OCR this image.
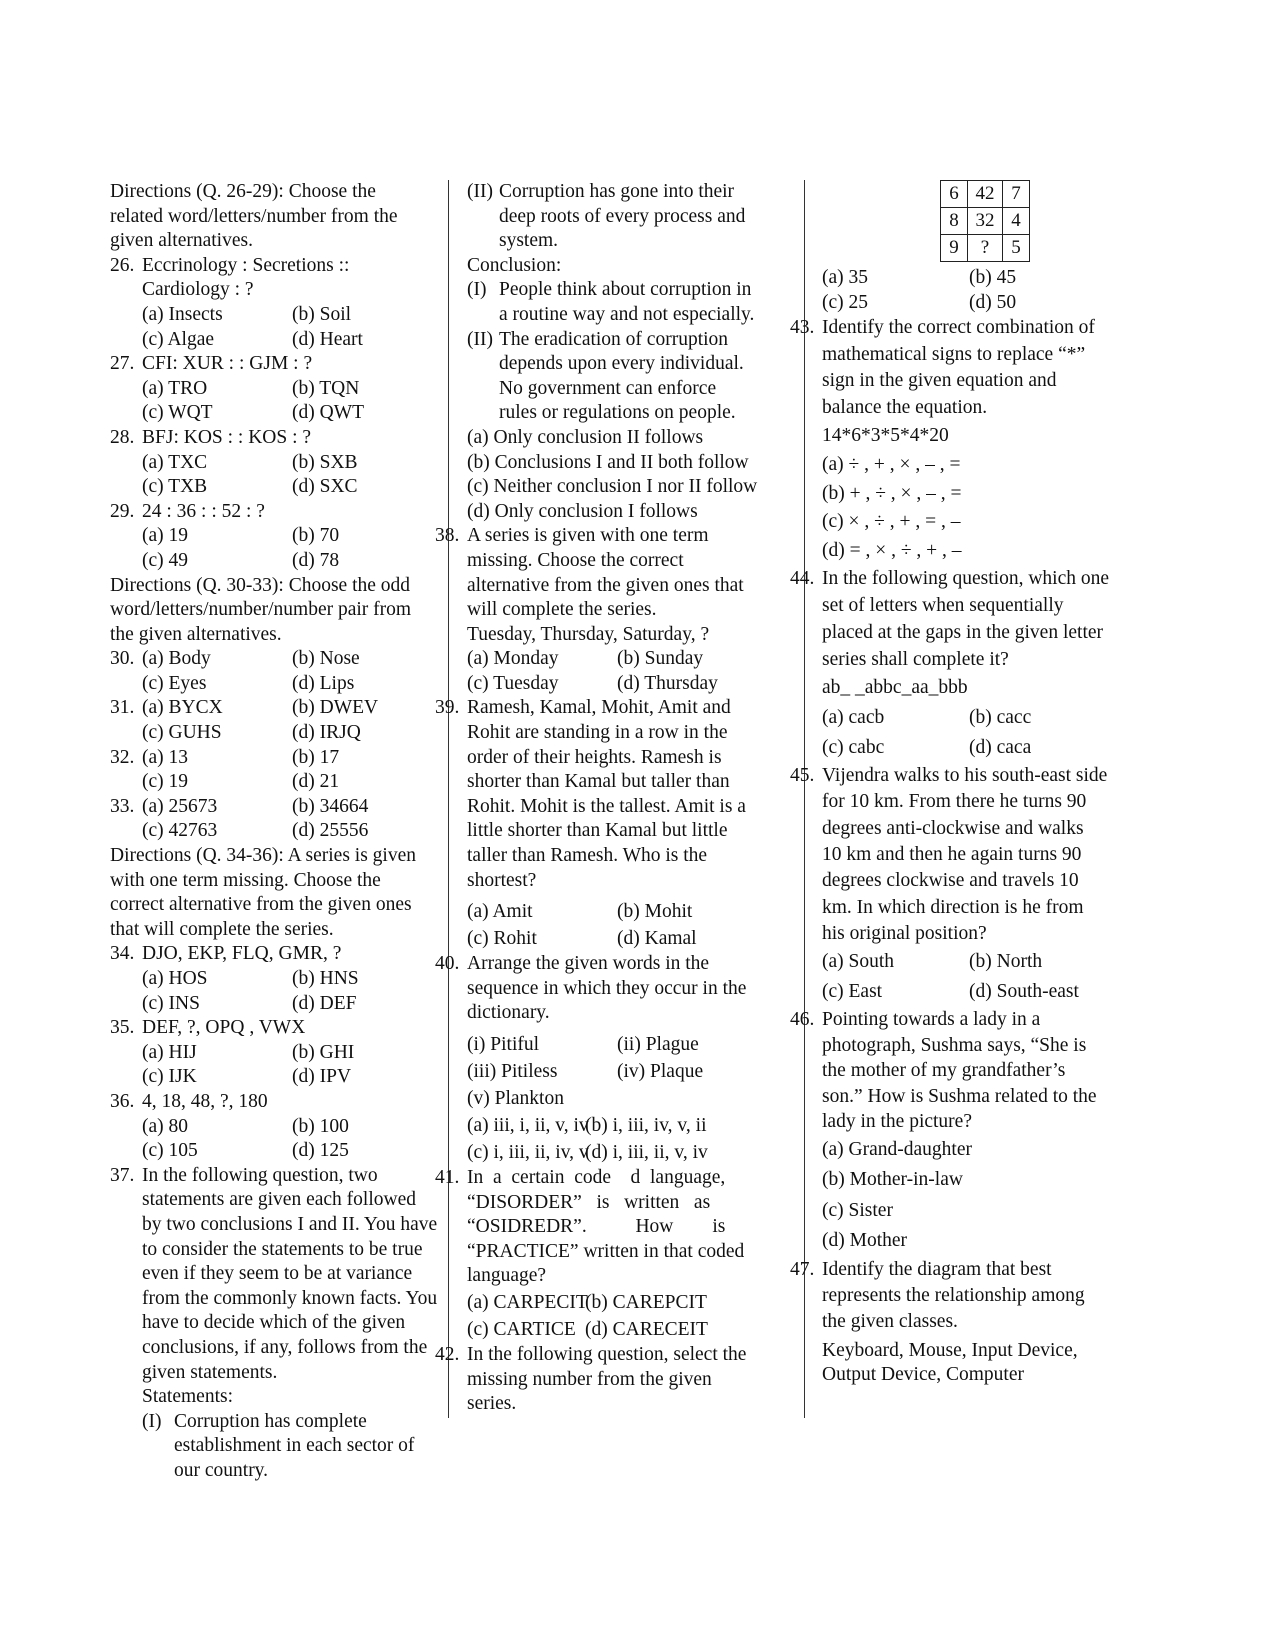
Directions (Q. 26-29): Choose the
related word/letters/number from the
given alternatives.
26. Eccrinology : Secretions ::
Cardiology : ?
(a) Insects	(b) Soil
(c) Algae	(d) Heart
27. CFI: XUR : : GJM : ?
(a) TRO	(b) TQN
(c) WQT	(d) QWT
28. BFJ: KOS : : KOS : ?
(a) TXC	(b) SXB
(c) TXB	(d) SXC
29. 24 : 36 : : 52 : ?
(a) 19	(b) 70
(c) 49	(d) 78
Directions (Q. 30-33): Choose the odd
word/letters/number/number pair from
the given alternatives.
30. (a) Body	(b) Nose
(c) Eyes	(d) Lips
31. (a) BYCX	(b) DWEV
(c) GUHS	(d) IRJQ
32. (a) 13	(b) 17
(c) 19	(d) 21
33. (a) 25673	(b) 34664
(c) 42763	(d) 25556
Directions (Q. 34-36): A series is given
with one term missing. Choose the
correct alternative from the given ones
that will complete the series.
34. DJO, EKP, FLQ, GMR, ?
(a) HOS	(b) HNS
(c) INS	(d) DEF
35. DEF, ?, OPQ , VWX
(a) HIJ	(b) GHI
(c) IJK	(d) IPV
36. 4, 18, 48, ?, 180
(a) 80	(b) 100
(c) 105	(d) 125
37. In the following question, two
statements are given each followed
by two conclusions I and II. You have
to consider the statements to be true
even if they seem to be at variance
from the commonly known facts. You
have to decide which of the given
conclusions, if any, follows from the
given statements.
Statements:
(I) Corruption has complete
establishment in each sector of
our country.
(II) Corruption has gone into their
deep roots of every process and
system.
Conclusion:
(I) People think about corruption in
a routine way and not especially.
(II) The eradication of corruption
depends upon every individual.
No government can enforce
rules or regulations on people.
(a) Only conclusion II follows
(b) Conclusions I and II both follow
(c) Neither conclusion I nor II follow
(d) Only conclusion I follows
38. A series is given with one term
missing. Choose the correct
alternative from the given ones that
will complete the series.
Tuesday, Thursday, Saturday, ?
(a) Monday	(b) Sunday
(c) Tuesday	(d) Thursday
39. Ramesh, Kamal, Mohit, Amit and
Rohit are standing in a row in the
order of their heights. Ramesh is
shorter than Kamal but taller than
Rohit. Mohit is the tallest. Amit is a
little shorter than Kamal but little
taller than Ramesh. Who is the
shortest?
(a) Amit	(b) Mohit
(c) Rohit	(d) Kamal
40. Arrange the given words in the
sequence in which they occur in the
dictionary.
(i) Pitiful	(ii) Plague
(iii) Pitiless	(iv) Plaque
(v) Plankton
(a) iii, i, ii, v, iv
(b) i, iii, iv, v, ii
(c) i, iii, ii, iv, v
(d) i, iii, ii, v, iv
41. In  a  certain  code    d  language,
“DISORDER”   is   written   as
“OSIDREDR”.          How        is
“PRACTICE” written in that coded
language?
(a) CARPECIT
(b) CAREPCIT
(c) CARTICE (d) CARECEIT
42. In the following question, select the
missing number from the given
series.
6	42	7
8	32	4
9	?	5
(a) 35	(b) 45
(c) 25	(d) 50
43. Identify the correct combination of
mathematical signs to replace “*”
sign in the given equation and
balance the equation.
14*6*3*5*4*20
(a) ÷ , + , × , – , =
(b) + , ÷ , × , – , =
(c) × , ÷ , + , = , –
(d) = , × , ÷ , + , –
44. In the following question, which one
set of letters when sequentially
placed at the gaps in the given letter
series shall complete it?
ab_ _abbc_aa_bbb
(a) cacb	(b) cacc
(c) cabc	(d) caca
45. Vijendra walks to his south-east side
for 10 km. From there he turns 90
degrees anti-clockwise and walks
10 km and then he again turns 90
degrees clockwise and travels 10
km. In which direction is he from
his original position?
(a) South	(b) North
(c) East	(d) South-east
46. Pointing towards a lady in a
photograph, Sushma says, “She is
the mother of my grandfather’s
son.” How is Sushma related to the
lady in the picture?
(a) Grand-daughter
(b) Mother-in-law
(c) Sister
(d) Mother
47. Identify the diagram that best
represents the relationship among
the given classes.
Keyboard, Mouse, Input Device,
Output Device, Computer
